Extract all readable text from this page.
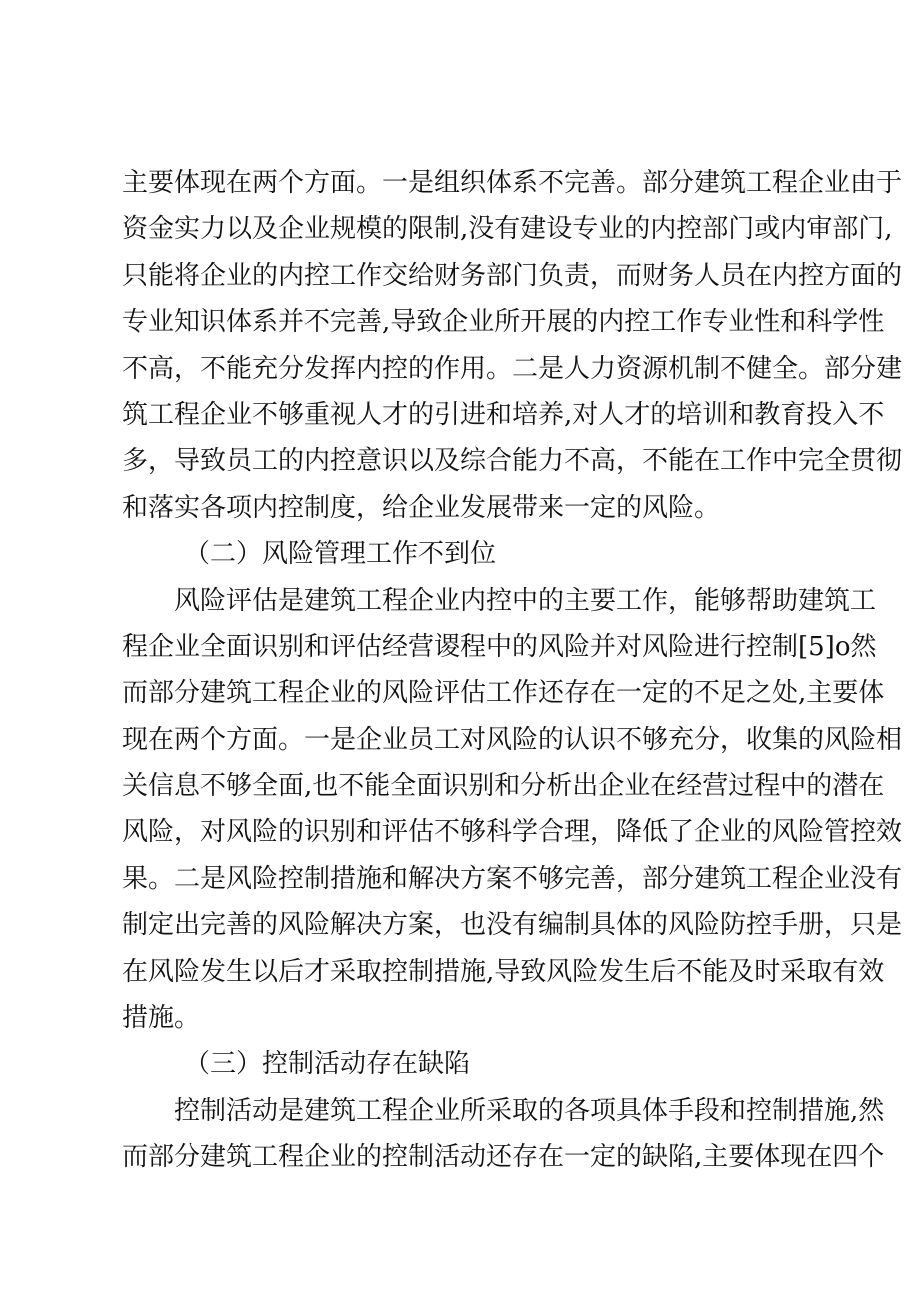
主要体现在两个方面。一是组织体系不完善。部分建筑工程企业由于
资金实力以及企业规模的限制,没有建设专业的内控部门或内审部门,
只能将企业的内控工作交给财务部门负责，而财务人员在内控方面的
专业知识体系并不完善,导致企业所开展的内控工作专业性和科学性
不高，不能充分发挥内控的作用。二是人力资源机制不健全。部分建
筑工程企业不够重视人才的引进和培养,对人才的培训和教育投入不
多，导致员工的内控意识以及综合能力不高，不能在工作中完全贯彻
和落实各项内控制度，给企业发展带来一定的风险。
（二）风险管理工作不到位
风险评估是建筑工程企业内控中的主要工作，能够帮助建筑工
程企业全面识别和评估经营谡程中的风险并对风险进行控制[5]o然
而部分建筑工程企业的风险评估工作还存在一定的不足之处,主要体
现在两个方面。一是企业员工对风险的认识不够充分，收集的风险相
关信息不够全面,也不能全面识别和分析出企业在经营过程中的潜在
风险，对风险的识别和评估不够科学合理，降低了企业的风险管控效
果。二是风险控制措施和解决方案不够完善，部分建筑工程企业没有
制定出完善的风险解决方案，也没有编制具体的风险防控手册，只是
在风险发生以后才采取控制措施,导致风险发生后不能及时采取有效
措施。
（三）控制活动存在缺陷
控制活动是建筑工程企业所采取的各项具体手段和控制措施,然
而部分建筑工程企业的控制活动还存在一定的缺陷,主要体现在四个
